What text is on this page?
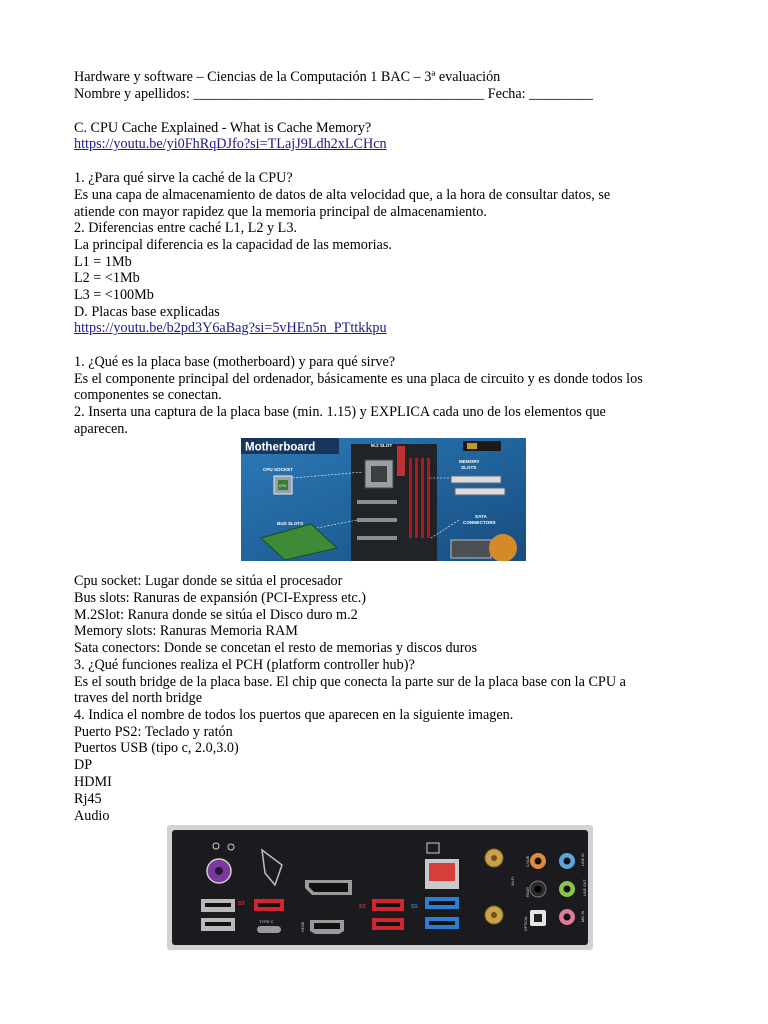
Hardware y software – Ciencias de la Computación 1 BAC – 3ª evaluación
Nombre y apellidos: _________________________________________ Fecha: _________
C. CPU Cache Explained - What is Cache Memory?
https://youtu.be/yi0FhRqDJfo?si=TLajJ9Ldh2xLCHcn
1. ¿Para qué sirve la caché de la CPU?
Es una capa de almacenamiento de datos de alta velocidad que, a la hora de consultar datos, se
atiende con mayor rapidez que la memoria principal de almacenamiento.
2. Diferencias entre caché L1, L2 y L3.
La principal diferencia es la capacidad de las memorias.
L1 = 1Mb
L2 = <1Mb
L3 = <100Mb
D. Placas base explicadas
https://youtu.be/b2pd3Y6aBag?si=5vHEn5n_PTttkkpu
1. ¿Qué es la placa base (motherboard) y para qué sirve?
Es el componente principal del ordenador, básicamente es una placa de circuito y es donde todos los
componentes se conectan.
2. Inserta una captura de la placa base (min. 1.15) y EXPLICA cada uno de los elementos que
aparecen.
Motherboard
CPU SOCKET
CPU
M.2 SLOT
MEMORY
SLOTS
BUS SLOTS
SATA
CONNECTORS
Cpu socket: Lugar donde se sitúa el procesador
Bus slots: Ranuras de expansión (PCI-Express etc.)
M.2Slot: Ranura donde se sitúa el Disco duro m.2
Memory slots: Ranuras Memoria RAM
Sata conectors: Donde se concetan el resto de memorias y discos duros
3. ¿Qué funciones realiza el PCH (platform controller hub)?
Es el south bridge de la placa base. El chip que conecta la parte sur de la placa base con la CPU a
traves del north bridge
4. Indica el nombre de todos los puertos que aparecen en la siguiente imagen.
Puerto PS2: Teclado y ratón
Puertos USB (tipo c, 2.0,3.0)
DP
HDMI
Rj45
Audio
SS
TYPE C
HDMI
SS	SS
Wi-Fi
C/SUB
REAR
OPTICAL
LINE IN
LINE OUT
MIC IN
